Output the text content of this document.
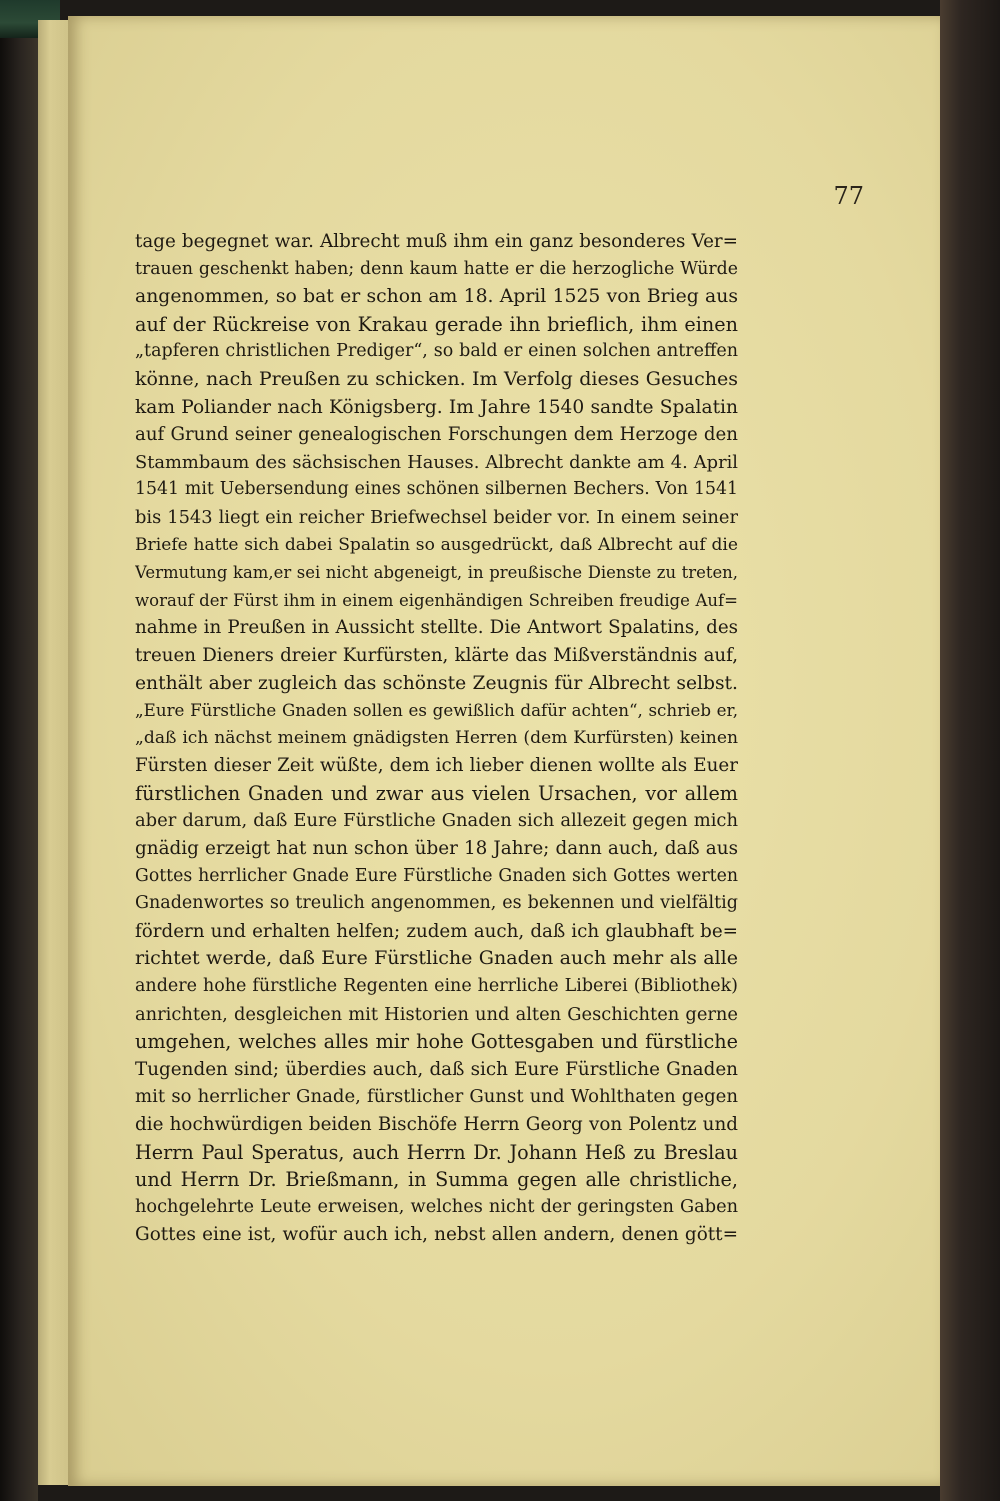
77
tage begegnet war. Albrecht muß ihm ein ganz besonderes Ver=
trauen geschenkt haben; denn kaum hatte er die herzogliche Würde
angenommen, so bat er schon am 18. April 1525 von Brieg aus
auf der Rückreise von Krakau gerade ihn brieflich, ihm einen
„tapferen christlichen Prediger“, so bald er einen solchen antreffen
könne, nach Preußen zu schicken. Im Verfolg dieses Gesuches
kam Poliander nach Königsberg. Im Jahre 1540 sandte Spalatin
auf Grund seiner genealogischen Forschungen dem Herzoge den
Stammbaum des sächsischen Hauses. Albrecht dankte am 4. April
1541 mit Uebersendung eines schönen silbernen Bechers. Von 1541
bis 1543 liegt ein reicher Briefwechsel beider vor. In einem seiner
Briefe hatte sich dabei Spalatin so ausgedrückt, daß Albrecht auf die
Vermutung kam,er sei nicht abgeneigt, in preußische Dienste zu treten,
worauf der Fürst ihm in einem eigenhändigen Schreiben freudige Auf=
nahme in Preußen in Aussicht stellte. Die Antwort Spalatins, des
treuen Dieners dreier Kurfürsten, klärte das Mißverständnis auf,
enthält aber zugleich das schönste Zeugnis für Albrecht selbst.
„Eure Fürstliche Gnaden sollen es gewißlich dafür achten“, schrieb er,
„daß ich nächst meinem gnädigsten Herren (dem Kurfürsten) keinen
Fürsten dieser Zeit wüßte, dem ich lieber dienen wollte als Euer
fürstlichen Gnaden und zwar aus vielen Ursachen, vor allem
aber darum, daß Eure Fürstliche Gnaden sich allezeit gegen mich
gnädig erzeigt hat nun schon über 18 Jahre; dann auch, daß aus
Gottes herrlicher Gnade Eure Fürstliche Gnaden sich Gottes werten
Gnadenwortes so treulich angenommen, es bekennen und vielfältig
fördern und erhalten helfen; zudem auch, daß ich glaubhaft be=
richtet werde, daß Eure Fürstliche Gnaden auch mehr als alle
andere hohe fürstliche Regenten eine herrliche Liberei (Bibliothek)
anrichten, desgleichen mit Historien und alten Geschichten gerne
umgehen, welches alles mir hohe Gottesgaben und fürstliche
Tugenden sind; überdies auch, daß sich Eure Fürstliche Gnaden
mit so herrlicher Gnade, fürstlicher Gunst und Wohlthaten gegen
die hochwürdigen beiden Bischöfe Herrn Georg von Polentz und
Herrn Paul Speratus, auch Herrn Dr. Johann Heß zu Breslau
und Herrn Dr. Brießmann, in Summa gegen alle christliche,
hochgelehrte Leute erweisen, welches nicht der geringsten Gaben
Gottes eine ist, wofür auch ich, nebst allen andern, denen gött=
